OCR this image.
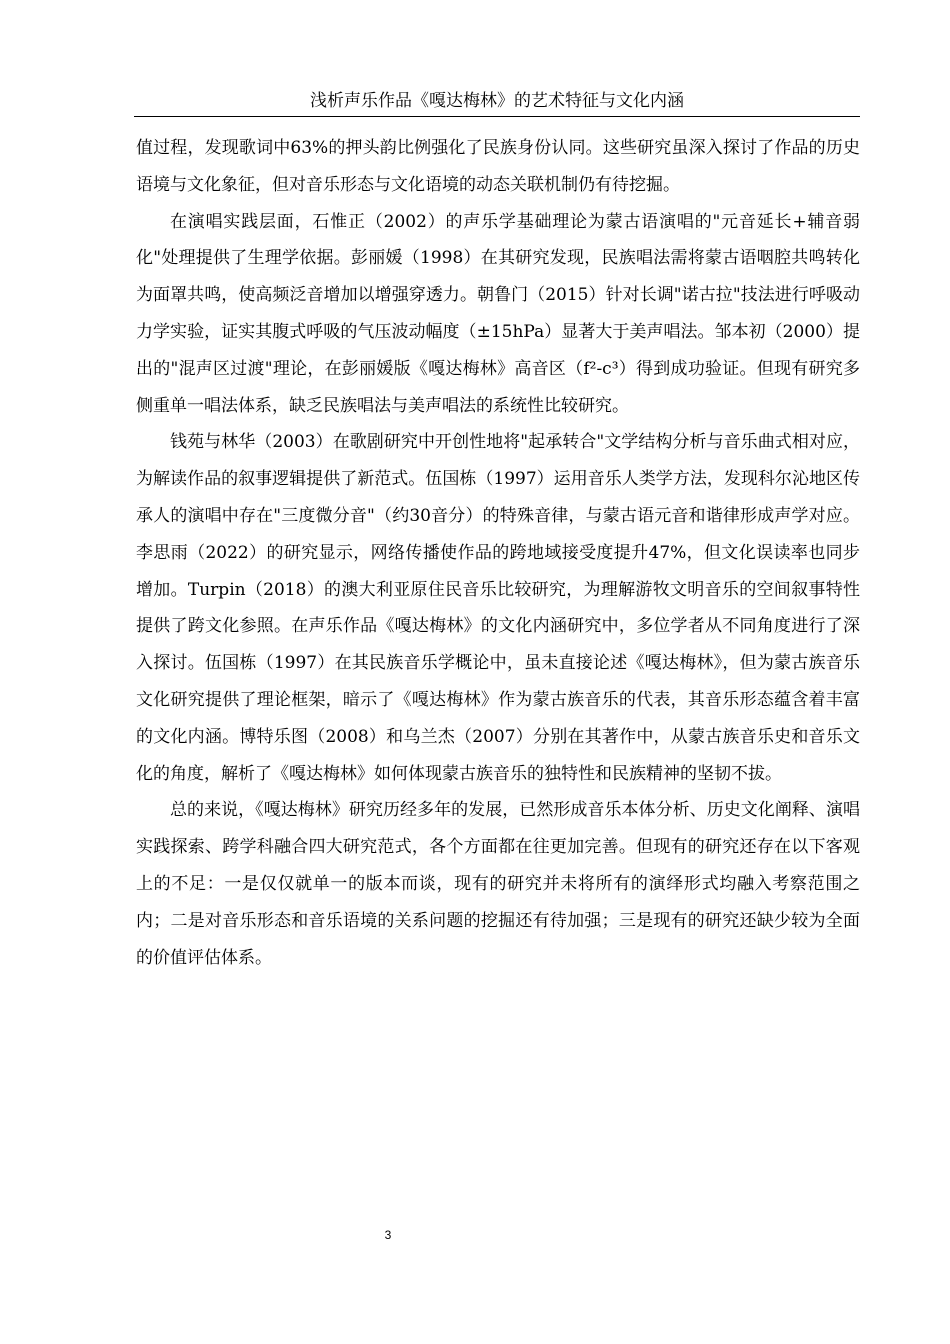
浅析声乐作品《嘎达梅林》的艺术特征与文化内涵

值过程，发现歌词中63%的押头韵比例强化了民族身份认同。这些研究虽深入探讨了作品的历史语境与文化象征，但对音乐形态与文化语境的动态关联机制仍有待挖掘。

在演唱实践层面，石惟正（2002）的声乐学基础理论为蒙古语演唱的"元音延长+辅音弱化"处理提供了生理学依据。彭丽媛（1998）在其研究发现，民族唱法需将蒙古语咽腔共鸣转化为面罩共鸣，使高频泛音增加以增强穿透力。朝鲁门（2015）针对长调"诺古拉"技法进行呼吸动力学实验，证实其腹式呼吸的气压波动幅度（±15hPa）显著大于美声唱法。邹本初（2000）提出的"混声区过渡"理论，在彭丽媛版《嘎达梅林》高音区（f²-c³）得到成功验证。但现有研究多侧重单一唱法体系，缺乏民族唱法与美声唱法的系统性比较研究。

钱苑与林华（2003）在歌剧研究中开创性地将"起承转合"文学结构分析与音乐曲式相对应，为解读作品的叙事逻辑提供了新范式。伍国栋（1997）运用音乐人类学方法，发现科尔沁地区传承人的演唱中存在"三度微分音"（约30音分）的特殊音律，与蒙古语元音和谐律形成声学对应。李思雨（2022）的研究显示，网络传播使作品的跨地域接受度提升47%，但文化误读率也同步增加。Turpin（2018）的澳大利亚原住民音乐比较研究，为理解游牧文明音乐的空间叙事特性提供了跨文化参照。在声乐作品《嘎达梅林》的文化内涵研究中，多位学者从不同角度进行了深入探讨。伍国栋（1997）在其民族音乐学概论中，虽未直接论述《嘎达梅林》，但为蒙古族音乐文化研究提供了理论框架，暗示了《嘎达梅林》作为蒙古族音乐的代表，其音乐形态蕴含着丰富的文化内涵。博特乐图（2008）和乌兰杰（2007）分别在其著作中，从蒙古族音乐史和音乐文化的角度，解析了《嘎达梅林》如何体现蒙古族音乐的独特性和民族精神的坚韧不拔。

总的来说，《嘎达梅林》研究历经多年的发展，已然形成音乐本体分析、历史文化阐释、演唱实践探索、跨学科融合四大研究范式，各个方面都在往更加完善。但现有的研究还存在以下客观上的不足：一是仅仅就单一的版本而谈，现有的研究并未将所有的演绎形式均融入考察范围之内；二是对音乐形态和音乐语境的关系问题的挖掘还有待加强；三是现有的研究还缺少较为全面的价值评估体系。

3
